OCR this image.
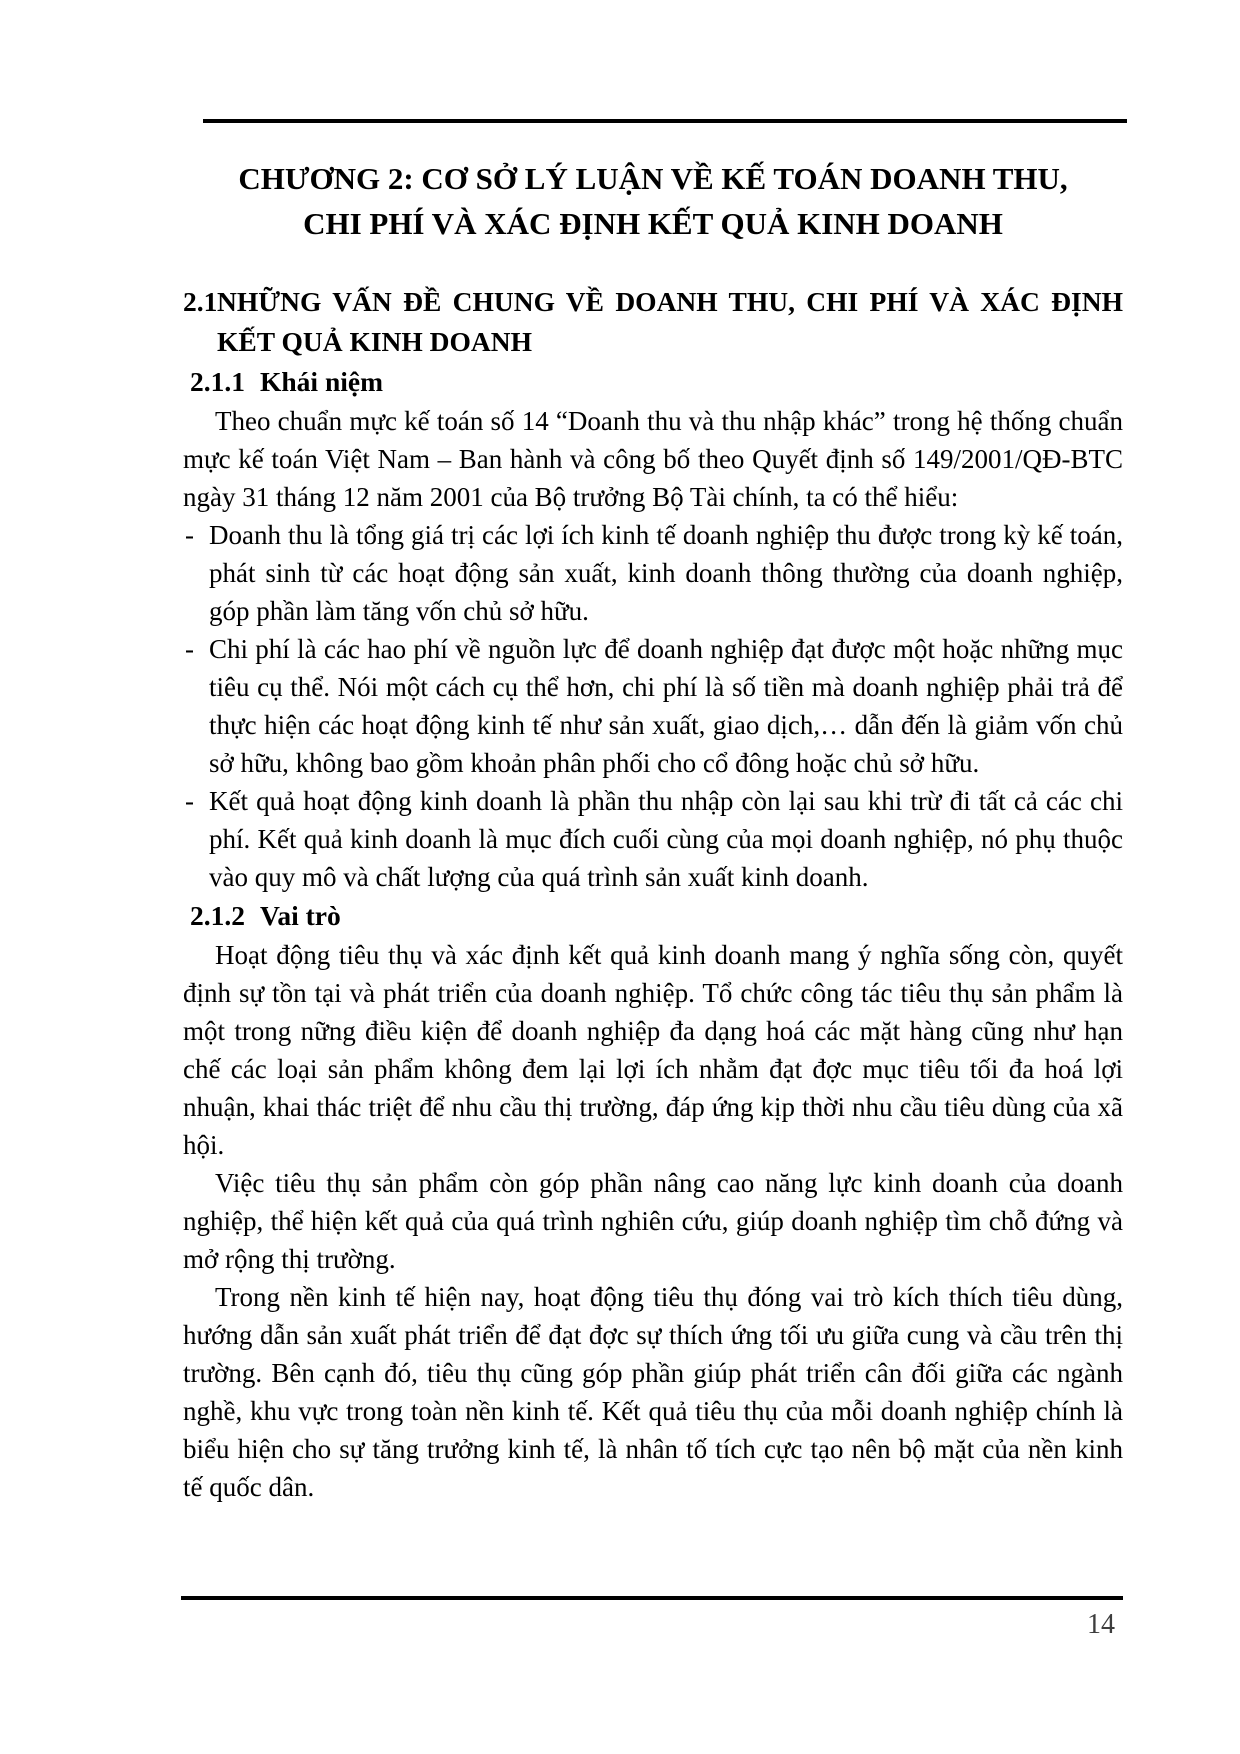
CHƯƠNG 2: CƠ SỞ LÝ LUẬN VỀ KẾ TOÁN DOANH THU,
CHI PHÍ VÀ XÁC ĐỊNH KẾT QUẢ KINH DOANH
2.1 NHỮNG VẤN ĐỀ CHUNG VỀ DOANH THU, CHI PHÍ VÀ XÁC ĐỊNH KẾT QUẢ KINH DOANH
2.1.1 Khái niệm

Theo chuẩn mực kế toán số 14 “Doanh thu và thu nhập khác” trong hệ thống chuẩn mực kế toán Việt Nam – Ban hành và công bố theo Quyết định số 149/2001/QĐ-BTC ngày 31 tháng 12 năm 2001 của Bộ trưởng Bộ Tài chính, ta có thể hiểu:

- Doanh thu là tổng giá trị các lợi ích kinh tế doanh nghiệp thu được trong kỳ kế toán, phát sinh từ các hoạt động sản xuất, kinh doanh thông thường của doanh nghiệp, góp phần làm tăng vốn chủ sở hữu.
- Chi phí là các hao phí về nguồn lực để doanh nghiệp đạt được một hoặc những mục tiêu cụ thể. Nói một cách cụ thể hơn, chi phí là số tiền mà doanh nghiệp phải trả để thực hiện các hoạt động kinh tế như sản xuất, giao dịch,… dẫn đến là giảm vốn chủ sở hữu, không bao gồm khoản phân phối cho cổ đông hoặc chủ sở hữu.
- Kết quả hoạt động kinh doanh là phần thu nhập còn lại sau khi trừ đi tất cả các chi phí. Kết quả kinh doanh là mục đích cuối cùng của mọi doanh nghiệp, nó phụ thuộc vào quy mô và chất lượng của quá trình sản xuất kinh doanh.
2.1.2 Vai trò

Hoạt động tiêu thụ và xác định kết quả kinh doanh mang ý nghĩa sống còn, quyết định sự tồn tại và phát triển của doanh nghiệp. Tổ chức công tác tiêu thụ sản phẩm là một trong nững điều kiện để doanh nghiệp đa dạng hoá các mặt hàng cũng như hạn chế các loại sản phẩm không đem lại lợi ích nhằm đạt đợc mục tiêu tối đa hoá lợi nhuận, khai thác triệt để nhu cầu thị trường, đáp ứng kịp thời nhu cầu tiêu dùng của xã hội.

Việc tiêu thụ sản phẩm còn góp phần nâng cao năng lực kinh doanh của doanh nghiệp, thể hiện kết quả của quá trình nghiên cứu, giúp doanh nghiệp tìm chỗ đứng và mở rộng thị trường.

Trong nền kinh tế hiện nay, hoạt động tiêu thụ đóng vai trò kích thích tiêu dùng, hướng dẫn sản xuất phát triển để đạt đợc sự thích ứng tối ưu giữa cung và cầu trên thị trường. Bên cạnh đó, tiêu thụ cũng góp phần giúp phát triển cân đối giữa các ngành nghề, khu vực trong toàn nền kinh tế. Kết quả tiêu thụ của mỗi doanh nghiệp chính là biểu hiện cho sự tăng trưởng kinh tế, là nhân tố tích cực tạo nên bộ mặt của nền kinh tế quốc dân.

14
